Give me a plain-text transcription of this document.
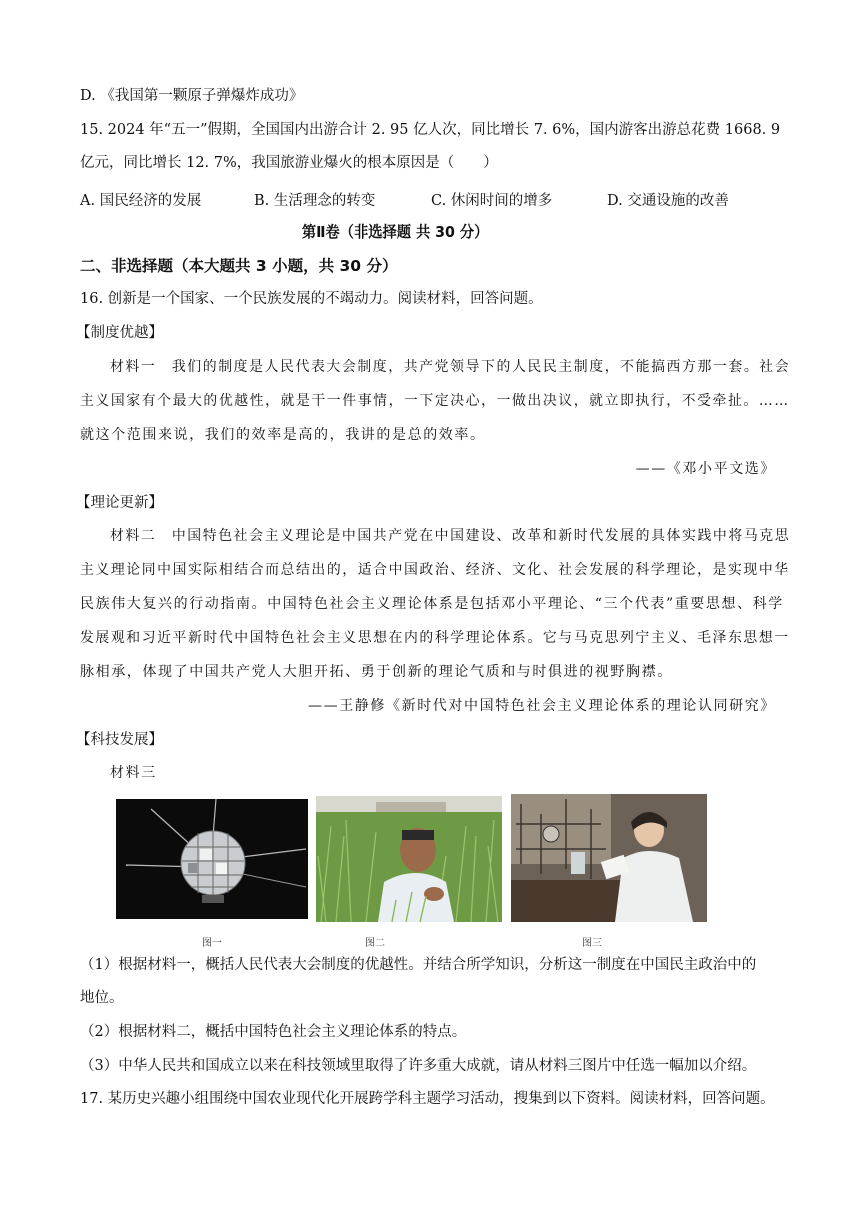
D. 《我国第一颗原子弹爆炸成功》
15. 2024 年“五一”假期，全国国内出游合计 2. 95 亿人次，同比增长 7. 6%，国内游客出游总花费 1668. 9
亿元，同比增长 12. 7%，我国旅游业爆火的根本原因是（　　）
A. 国民经济的发展	B. 生活理念的转变	C. 休闲时间的增多	D. 交通设施的改善
第Ⅱ卷（非选择题 共 30 分）
二、非选择题（本大题共 3 小题，共 30 分）
16. 创新是一个国家、一个民族发展的不竭动力。阅读材料，回答问题。
【制度优越】
材料一　我们的制度是人民代表大会制度，共产党领导下的人民民主制度，不能搞西方那一套。社会
主义国家有个最大的优越性，就是干一件事情，一下定决心，一做出决议，就立即执行，不受牵扯。……
就这个范围来说，我们的效率是高的，我讲的是总的效率。
——《邓小平文选》
【理论更新】
材料二　中国特色社会主义理论是中国共产党在中国建设、改革和新时代发展的具体实践中将马克思
主义理论同中国实际相结合而总结出的，适合中国政治、经济、文化、社会发展的科学理论，是实现中华
民族伟大复兴的行动指南。中国特色社会主义理论体系是包括邓小平理论、“三个代表”重要思想、科学
发展观和习近平新时代中国特色社会主义思想在内的科学理论体系。它与马克思列宁主义、毛泽东思想一
脉相承，体现了中国共产党人大胆开拓、勇于创新的理论气质和与时俱进的视野胸襟。
——王静修《新时代对中国特色社会主义理论体系的理论认同研究》
【科技发展】
材料三
图一	图二	图三
（1）根据材料一，概括人民代表大会制度的优越性。并结合所学知识，分析这一制度在中国民主政治中的
地位。
（2）根据材料二，概括中国特色社会主义理论体系的特点。
（3）中华人民共和国成立以来在科技领域里取得了许多重大成就，请从材料三图片中任选一幅加以介绍。
17. 某历史兴趣小组围绕中国农业现代化开展跨学科主题学习活动，搜集到以下资料。阅读材料，回答问题。
